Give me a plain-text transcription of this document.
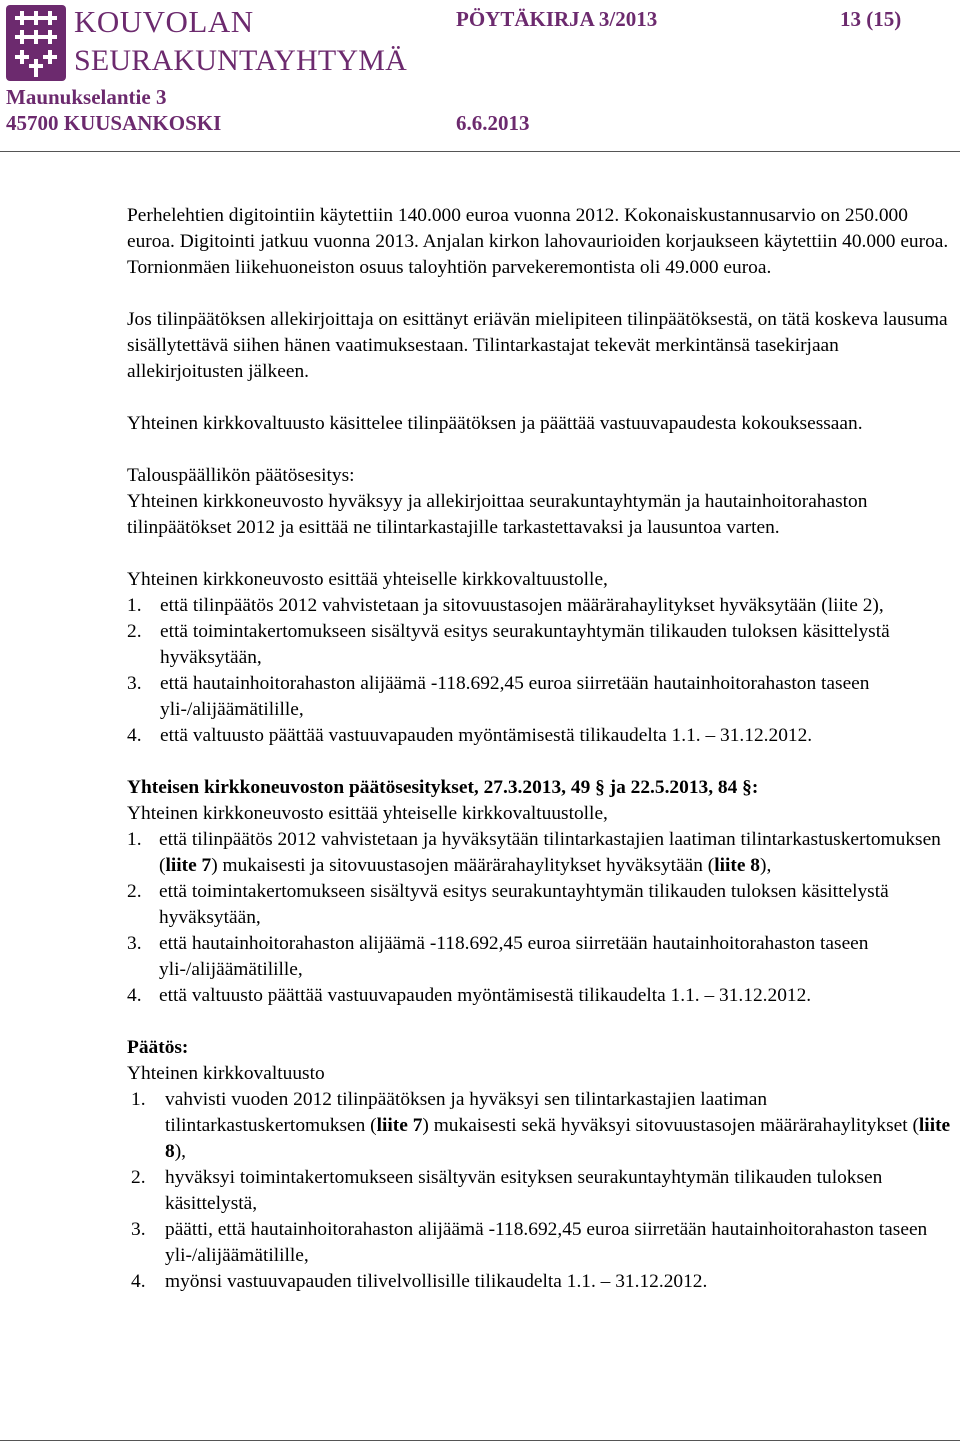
KOUVOLAN
SEURAKUNTAYHTYMÄ
PÖYTÄKIRJA 3/2013	13 (15)
Maunukselantie 3
45700 KUUSANKOSKI	6.6.2013

Perhelehtien digitointiin käytettiin 140.000 euroa vuonna 2012. Kokonaiskustannusarvio on 250.000 euroa. Digitointi jatkuu vuonna 2013. Anjalan kirkon lahovaurioiden korjaukseen käytettiin 40.000 euroa. Tornionmäen liikehuoneiston osuus taloyhtiön parvekeremontista oli 49.000 euroa.

Jos tilinpäätöksen allekirjoittaja on esittänyt eriävän mielipiteen tilinpäätöksestä, on tätä koskeva lausuma sisällytettävä siihen hänen vaatimuksestaan. Tilintarkastajat tekevät merkintänsä tasekirjaan allekirjoitusten jälkeen.

Yhteinen kirkkovaltuusto käsittelee tilinpäätöksen ja päättää vastuuvapaudesta kokouksessaan.

Talouspäällikön päätösesitys:

Yhteinen kirkkoneuvosto hyväksyy ja allekirjoittaa seurakuntayhtymän ja hautainhoitorahaston tilinpäätökset 2012 ja esittää ne tilintarkastajille tarkastettavaksi ja lausuntoa varten.

Yhteinen kirkkoneuvosto esittää yhteiselle kirkkovaltuustolle,
1. että tilinpäätös 2012 vahvistetaan ja sitovuustasojen määrärahaylitykset hyväksytään (liite 2),
2. että toimintakertomukseen sisältyvä esitys seurakuntayhtymän tilikauden tuloksen käsittelystä hyväksytään,
3. että hautainhoitorahaston alijäämä -118.692,45 euroa siirretään hautainhoitorahaston taseen yli-/alijäämätilille,
4. että valtuusto päättää vastuuvapauden myöntämisestä tilikaudelta 1.1. – 31.12.2012.
Yhteisen kirkkoneuvoston päätösesitykset, 27.3.2013, 49 § ja 22.5.2013, 84 §:
Yhteinen kirkkoneuvosto esittää yhteiselle kirkkovaltuustolle,
1. että tilinpäätös 2012 vahvistetaan ja hyväksytään tilintarkastajien laatiman tilintarkastuskertomuksen (liite 7) mukaisesti ja sitovuustasojen määrärahaylitykset hyväksytään (liite 8),
2. että toimintakertomukseen sisältyvä esitys seurakuntayhtymän tilikauden tuloksen käsittelystä hyväksytään,
3. että hautainhoitorahaston alijäämä -118.692,45 euroa siirretään hautainhoitorahaston taseen yli-/alijäämätilille,
4. että valtuusto päättää vastuuvapauden myöntämisestä tilikaudelta 1.1. – 31.12.2012.
Päätös:
Yhteinen kirkkovaltuusto
1. vahvisti vuoden 2012 tilinpäätöksen ja hyväksyi sen tilintarkastajien laatiman tilintarkastuskertomuksen (liite 7) mukaisesti sekä hyväksyi sitovuustasojen määrärahaylitykset (liite 8),
2. hyväksyi toimintakertomukseen sisältyvän esityksen seurakuntayhtymän tilikauden tuloksen käsittelystä,
3. päätti, että hautainhoitorahaston alijäämä -118.692,45 euroa siirretään hautainhoitorahaston taseen yli-/alijäämätilille,
4. myönsi vastuuvapauden tilivelvollisille tilikaudelta 1.1. – 31.12.2012.
